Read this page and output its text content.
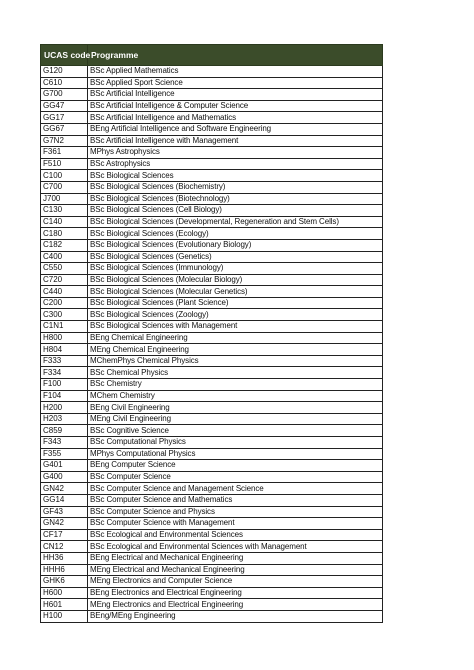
UCAS code	Programme
G120	BSc Applied Mathematics
C610	BSc Applied Sport Science
G700	BSc Artificial Intelligence
GG47	BSc Artificial Intelligence & Computer Science
GG17	BSc Artificial Intelligence and Mathematics
GG67	BEng Artificial Intelligence and Software Engineering
G7N2	BSc Artificial Intelligence with Management
F361	MPhys Astrophysics
F510	BSc Astrophysics
C100	BSc Biological Sciences
C700	BSc Biological Sciences (Biochemistry)
J700	BSc Biological Sciences (Biotechnology)
C130	BSc Biological Sciences (Cell Biology)
C140	BSc Biological Sciences (Developmental, Regeneration and Stem Cells)
C180	BSc Biological Sciences (Ecology)
C182	BSc Biological Sciences (Evolutionary Biology)
C400	BSc Biological Sciences (Genetics)
C550	BSc Biological Sciences (Immunology)
C720	BSc Biological Sciences (Molecular Biology)
C440	BSc Biological Sciences (Molecular Genetics)
C200	BSc Biological Sciences (Plant Science)
C300	BSc Biological Sciences (Zoology)
C1N1	BSc Biological Sciences with Management
H800	BEng Chemical Engineering
H804	MEng Chemical Engineering
F333	MChemPhys Chemical Physics
F334	BSc Chemical Physics
F100	BSc Chemistry
F104	MChem Chemistry
H200	BEng Civil Engineering
H203	MEng Civil Engineering
C859	BSc Cognitive Science
F343	BSc Computational Physics
F355	MPhys Computational Physics
G401	BEng Computer Science
G400	BSc Computer Science
GN42	BSc Computer Science and Management Science
GG14	BSc Computer Science and Mathematics
GF43	BSc Computer Science and Physics
GN42	BSc Computer Science with Management
CF17	BSc Ecological and Environmental Sciences
CN12	BSc Ecological and Environmental Sciences with Management
HH36	BEng Electrical and Mechanical Engineering
HHH6	MEng Electrical and Mechanical Engineering
GHK6	MEng Electronics and Computer Science
H600	BEng Electronics and Electrical Engineering
H601	MEng Electronics and Electrical Engineering
H100	BEng/MEng Engineering
